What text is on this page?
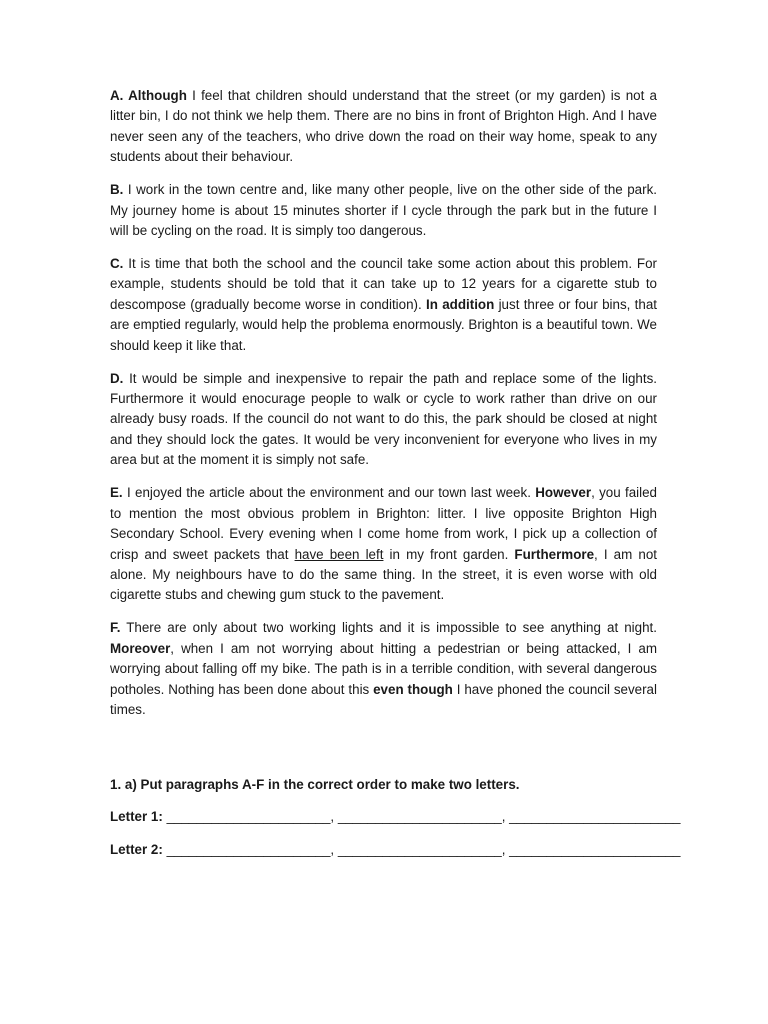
A. Although I feel that children should understand that the street (or my garden) is not a litter bin, I do not think we help them. There are no bins in front of Brighton High. And I have never seen any of the teachers, who drive down the road on their way home, speak to any students about their behaviour.

B. I work in the town centre and, like many other people, live on the other side of the park. My journey home is about 15 minutes shorter if I cycle through the park but in the future I will be cycling on the road. It is simply too dangerous.

C. It is time that both the school and the council take some action about this problem. For example, students should be told that it can take up to 12 years for a cigarette stub to descompose (gradually become worse in condition). In addition just three or four bins, that are emptied regularly, would help the problema enormously. Brighton is a beautiful town. We should keep it like that.

D. It would be simple and inexpensive to repair the path and replace some of the lights. Furthermore it would enocurage people to walk or cycle to work rather than drive on our already busy roads. If the council do not want to do this, the park should be closed at night and they should lock the gates. It would be very inconvenient for everyone who lives in my area but at the moment it is simply not safe.

E. I enjoyed the article about the environment and our town last week. However, you failed to mention the most obvious problem in Brighton: litter. I live opposite Brighton High Secondary School. Every evening when I come home from work, I pick up a collection of crisp and sweet packets that have been left in my front garden. Furthermore, I am not alone. My neighbours have to do the same thing. In the street, it is even worse with old cigarette stubs and chewing gum stuck to the pavement.

F. There are only about two working lights and it is impossible to see anything at night. Moreover, when I am not worrying about hitting a pedestrian or being attacked, I am worrying about falling off my bike. The path is in a terrible condition, with several dangerous potholes. Nothing has been done about this even though I have phoned the council several times.

1. a) Put paragraphs A-F in the correct order to make two letters.
Letter 1: ______________________, ______________________, _______________________
Letter 2: ______________________, ______________________, _______________________
